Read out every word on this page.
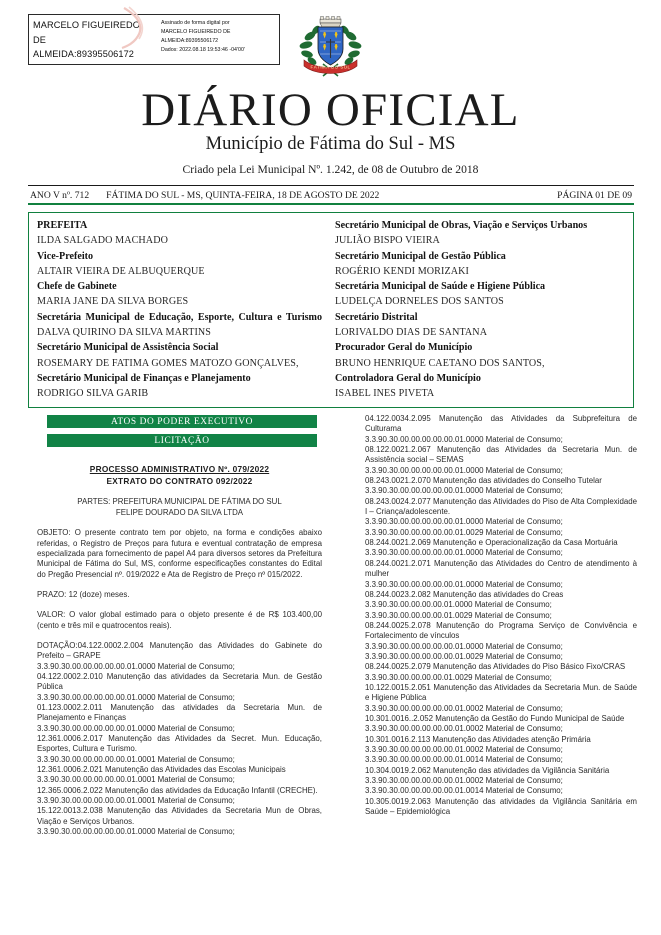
MARCELO FIGUEIREDO
DE
ALMEIDA:89395506172
Assinado de forma digital por
MARCELO FIGUEIREDO DE
ALMEIDA:89395506172
Dados: 2022.08.18 19:53:46 -04'00'
FÁTIMA DO SUL
DIÁRIO OFICIAL
Município de Fátima do Sul - MS
Criado pela Lei Municipal Nº. 1.242, de 08 de Outubro de 2018
ANO V nº. 712 FÁTIMA DO SUL - MS, QUINTA-FEIRA, 18 DE AGOSTO DE 2022	PÁGINA 01 DE 09
PREFEITA
ILDA SALGADO MACHADO
Vice-Prefeito
ALTAIR VIEIRA DE ALBUQUERQUE
Chefe de Gabinete
MARIA JANE DA SILVA BORGES
Secretária Municipal de Educação, Esporte, Cultura e Turismo
DALVA QUIRINO DA SILVA MARTINS
Secretário Municipal de Assistência Social
ROSEMARY DE FATIMA GOMES MATOZO GONÇALVES,
Secretário Municipal de Finanças e Planejamento
RODRIGO SILVA GARIB
Secretário Municipal de Obras, Viação e Serviços Urbanos
JULIÃO BISPO VIEIRA
Secretário Municipal de Gestão Pública
ROGÉRIO KENDI MORIZAKI
Secretária Municipal de Saúde e Higiene Pública
LUDELÇA DORNELES DOS SANTOS
Secretário Distrital
LORIVALDO DIAS DE SANTANA
Procurador Geral do Município
BRUNO HENRIQUE CAETANO DOS SANTOS,
Controladora Geral do Município
ISABEL INES PIVETA
ATOS DO PODER EXECUTIVO
LICITAÇÃO
PROCESSO ADMINISTRATIVO Nº. 079/2022
EXTRATO DO CONTRATO 092/2022
PARTES: PREFEITURA MUNICIPAL DE FÁTIMA DO SUL
FELIPE DOURADO DA SILVA LTDA

OBJETO: O presente contrato tem por objeto, na forma e condições abaixo referidas, o Registro de Preços para futura e eventual contratação de empresa especializada para fornecimento de papel A4 para diversos setores da Prefeitura Municipal de Fátima do Sul, MS, conforme especificações constantes do Edital do Pregão Presencial nº. 019/2022 e Ata de Registro de Preço nº 015/2022.

PRAZO: 12 (doze) meses.

VALOR: O valor global estimado para o objeto presente é de R$ 103.400,00 (cento e três mil e quatrocentos reais).

DOTAÇÃO:04.122.0002.2.004 Manutenção das Atividades do Gabinete do Prefeito – GRAPE

3.3.90.30.00.00.00.00.00.01.0000 Material de Consumo;

04.122.0002.2.010 Manutenção das atividades da Secretaria Mun. de Gestão Pública

3.3.90.30.00.00.00.00.00.01.0000 Material de Consumo;

01.123.0002.2.011 Manutenção das atividades da Secretaria Mun. de Planejamento e Finanças

3.3.90.30.00.00.00.00.00.01.0000 Material de Consumo;

12.361.0006.2.017 Manutenção das Atividades da Secret. Mun. Educação, Esportes, Cultura e Turismo.

3.3.90.30.00.00.00.00.00.01.0001 Material de Consumo;

12.361.0006.2.021 Manutenção das Atividades das Escolas Municipais

3.3.90.30.00.00.00.00.00.01.0001 Material de Consumo;

12.365.0006.2.022 Manutenção das atividades da Educação Infantil (CRECHE).

3.3.90.30.00.00.00.00.00.01.0001 Material de Consumo;

15.122.0013.2.038 Manutenção das Atividades da Secretaria Mun de Obras, Viação e Serviços Urbanos.

3.3.90.30.00.00.00.00.00.01.0000 Material de Consumo;

04.122.0034.2.095 Manutenção das Atividades da Subprefeitura de Culturama

3.3.90.30.00.00.00.00.00.01.0000 Material de Consumo;

08.122.0021.2.067 Manutenção das Atividades da Secretaria Mun. de Assistência social – SEMAS

3.3.90.30.00.00.00.00.00.01.0000 Material de Consumo;

08.243.0021.2.070 Manutenção das atividades do Conselho Tutelar

3.3.90.30.00.00.00.00.00.01.0000 Material de Consumo;

08.243.0024.2.077 Manutenção das Atividades do Piso de Alta Complexidade I – Criança/adolescente.

3.3.90.30.00.00.00.00.00.01.0000 Material de Consumo;

3.3.90.30.00.00.00.00.00.01.0029 Material de Consumo;

08.244.0021.2.069 Manutenção e Operacionalização da Casa Mortuária

3.3.90.30.00.00.00.00.00.01.0000 Material de Consumo;

08.244.0021.2.071 Manutenção das Atividades do Centro de atendimento à mulher

3.3.90.30.00.00.00.00.00.01.0000 Material de Consumo;

08.244.0023.2.082 Manutenção das atividades do Creas

3.3.90.30.00.00.00.00.01.0000 Material de Consumo;

3.3.90.30.00.00.00.00.01.0029 Material de Consumo;

08.244.0025.2.078 Manutenção do Programa Serviço de Convivência e Fortalecimento de vínculos

3.3.90.30.00.00.00.00.00.01.0000 Material de Consumo;

3.3.90.30.00.00.00.00.00.01.0029 Material de Consumo;

08.244.0025.2.079 Manutenção das Atividades do Piso Básico Fixo/CRAS

3.3.90.30.00.00.00.00.01.0029 Material de Consumo;

10.122.0015.2.051 Manutenção das Atividades da Secretaria Mun. de Saúde e Higiene Pública

3.3.90.30.00.00.00.00.00.01.0002 Material de Consumo;

10.301.0016..2.052 Manutenção da Gestão do Fundo Municipal de Saúde

3.3.90.30.00.00.00.00.00.01.0002 Material de Consumo;

10.301.0016.2.113 Manutenção das Atividades atenção Primária

3.3.90.30.00.00.00.00.00.01.0002 Material de Consumo;

3.3.90.30.00.00.00.00.00.01.0014 Material de Consumo;

10.304.0019.2.062 Manutenção das atividades da Vigilância Sanitária

3.3.90.30.00.00.00.00.00.01.0002 Material de Consumo;

3.3.90.30.00.00.00.00.00.01.0014 Material de Consumo;

10.305.0019.2.063 Manutenção das atividades da Vigilância Sanitária em Saúde – Epidemiológica
